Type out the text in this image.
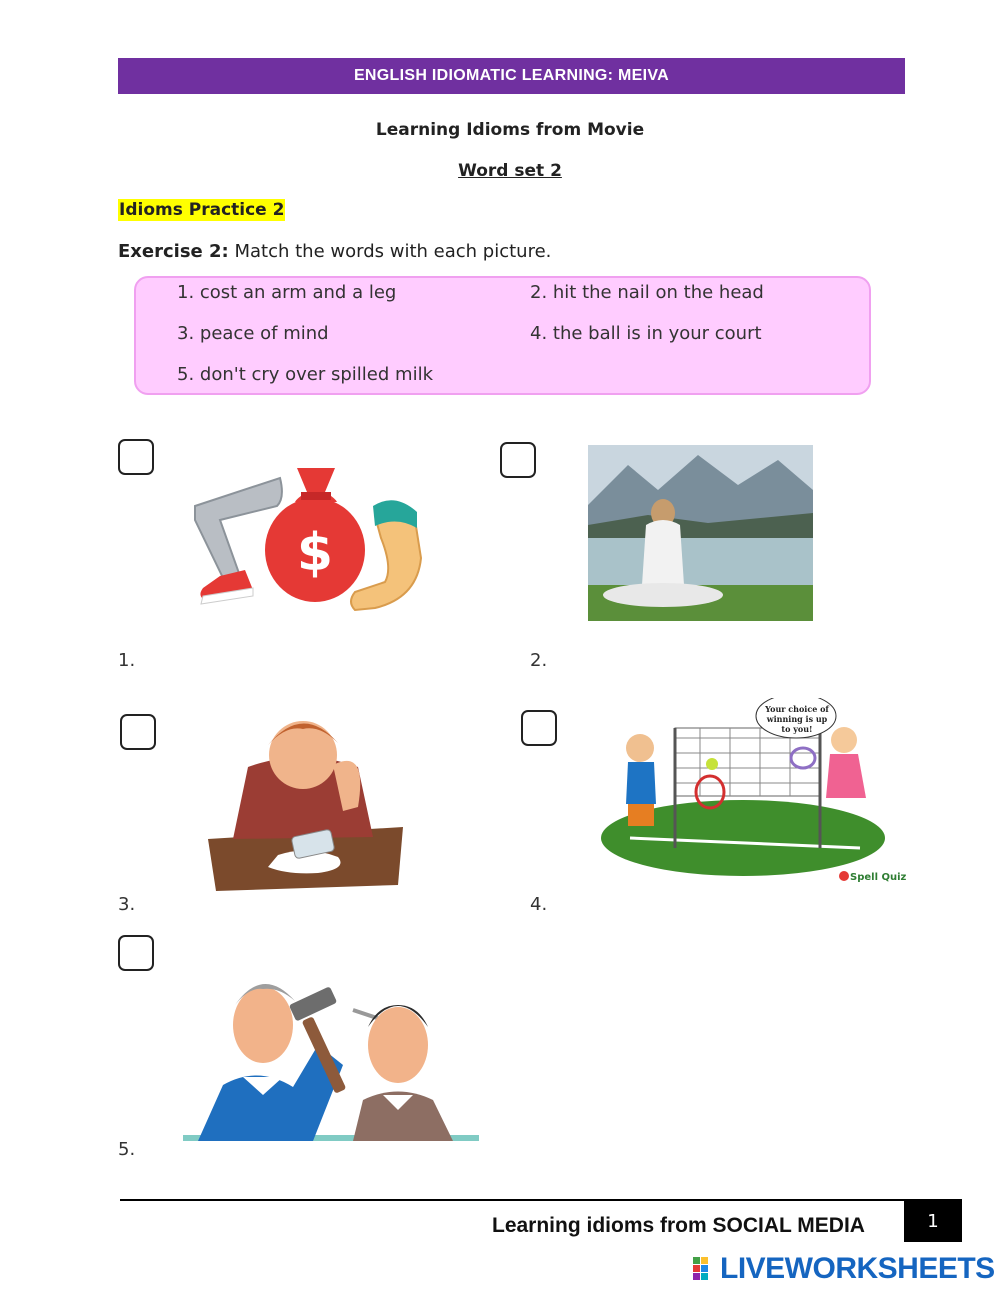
ENGLISH IDIOMATIC LEARNING: MEIVA
Learning Idioms from Movie
Word set 2
Idioms Practice 2
Exercise 2: Match the words with each picture.
1. cost an arm and a leg	2. hit the nail on the head
3. peace of mind	4. the ball is in your court
5. don't cry over spilled milk
1.	2.
3.	4.
5.
$
Your choice of winning is up to you!
Spell Quiz
Learning idioms from SOCIAL MEDIA	1
LIVEWORKSHEETS
